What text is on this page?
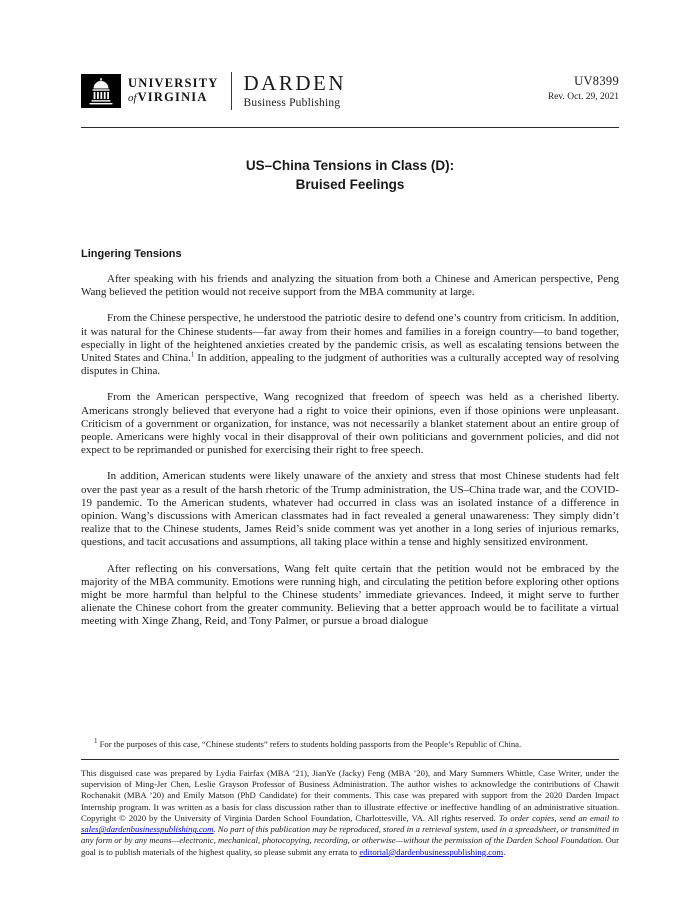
UNIVERSITY
ofVIRGINIA
DARDEN
Business Publishing
UV8399
Rev. Oct. 29, 2021
US–China Tensions in Class (D):
Bruised Feelings
Lingering Tensions

After speaking with his friends and analyzing the situation from both a Chinese and American perspective, Peng Wang believed the petition would not receive support from the MBA community at large.

From the Chinese perspective, he understood the patriotic desire to defend one’s country from criticism. In addition, it was natural for the Chinese students—far away from their homes and families in a foreign country—to band together, especially in light of the heightened anxieties created by the pandemic crisis, as well as escalating tensions between the United States and China.$^1$ In addition, appealing to the judgment of authorities was a culturally accepted way of resolving disputes in China.

From the American perspective, Wang recognized that freedom of speech was held as a cherished liberty. Americans strongly believed that everyone had a right to voice their opinions, even if those opinions were unpleasant. Criticism of a government or organization, for instance, was not necessarily a blanket statement about an entire group of people. Americans were highly vocal in their disapproval of their own politicians and government policies, and did not expect to be reprimanded or punished for exercising their right to free speech.

In addition, American students were likely unaware of the anxiety and stress that most Chinese students had felt over the past year as a result of the harsh rhetoric of the Trump administration, the US–China trade war, and the COVID-19 pandemic. To the American students, whatever had occurred in class was an isolated instance of a difference in opinion. Wang’s discussions with American classmates had in fact revealed a general unawareness: They simply didn’t realize that to the Chinese students, James Reid’s snide comment was yet another in a long series of injurious remarks, questions, and tacit accusations and assumptions, all taking place within a tense and highly sensitized environment.

After reflecting on his conversations, Wang felt quite certain that the petition would not be embraced by the majority of the MBA community. Emotions were running high, and circulating the petition before exploring other options might be more harmful than helpful to the Chinese students’ immediate grievances. Indeed, it might serve to further alienate the Chinese cohort from the greater community. Believing that a better approach would be to facilitate a virtual meeting with Xinge Zhang, Reid, and Tony Palmer, or pursue a broad dialogue

$^1$ For the purposes of this case, “Chinese students” refers to students holding passports from the People’s Republic of China.
This disguised case was prepared by Lydia Fairfax (MBA ’21), JianYe (Jacky) Feng (MBA ’20), and Mary Summers Whittle, Case Writer, under the supervision of Ming-Jer Chen, Leslie Grayson Professor of Business Administration. The author wishes to acknowledge the contributions of Chawit Rochanakit (MBA ’20) and Emily Matson (PhD Candidate) for their comments. This case was prepared with support from the 2020 Darden Impact Internship program. It was written as a basis for class discussion rather than to illustrate effective or ineffective handling of an administrative situation. Copyright © 2020 by the University of Virginia Darden School Foundation, Charlottesville, VA. All rights reserved. To order copies, send an email to sales@dardenbusinesspublishing.com. No part of this publication may be reproduced, stored in a retrieval system, used in a spreadsheet, or transmitted in any form or by any means—electronic, mechanical, photocopying, recording, or otherwise—without the permission of the Darden School Foundation. Our goal is to publish materials of the highest quality, so please submit any errata to editorial@dardenbusinesspublishing.com.
